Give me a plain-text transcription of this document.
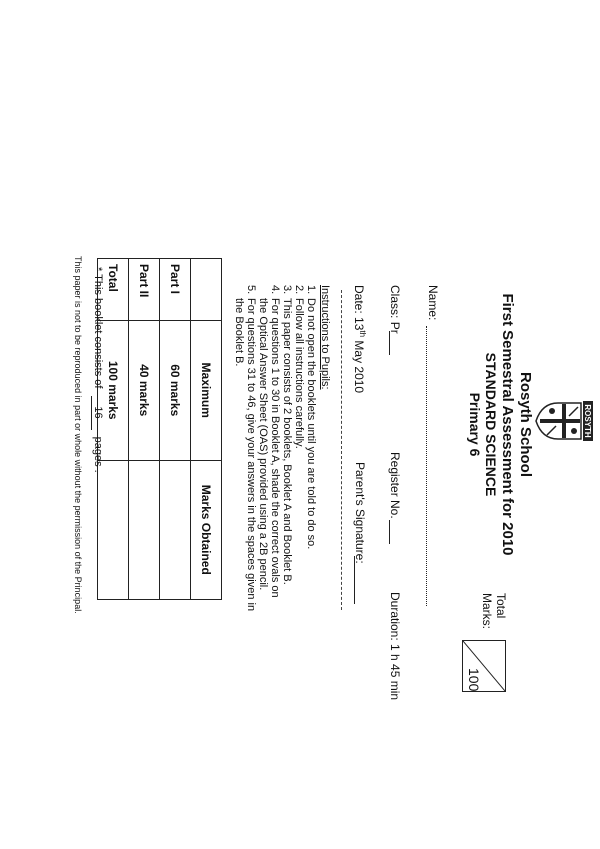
ROSYTH
Rosyth School
First Semestral Assessment for 2010
STANDARD SCIENCE
Primary 6
Total
Marks:
100
Name:
Class: Pr
Register No.
Duration: 1 h 45 min
Date: 13th May 2010
Parent's Signature:
Instructions to Pupils:
1.
Do not open the booklets until you are told to do so.
2.
Follow all instructions carefully.
3.
This paper consists of 2 booklets, Booklet A and Booklet B.
4.
For questions 1 to 30 in Booklet A, shade the correct ovals on the Optical Answer Sheet (OAS) provided using a 2B pencil.
5.
For questions 31 to 46, give your answers in the spaces given in the Booklet B.
	Maximum	Marks Obtained
Part I	60 marks	
Part II	40 marks	
Total	100 marks	
* This booklet consists of 16 pages .
This paper is not to be reproduced in part or whole without the permission of the Principal.
